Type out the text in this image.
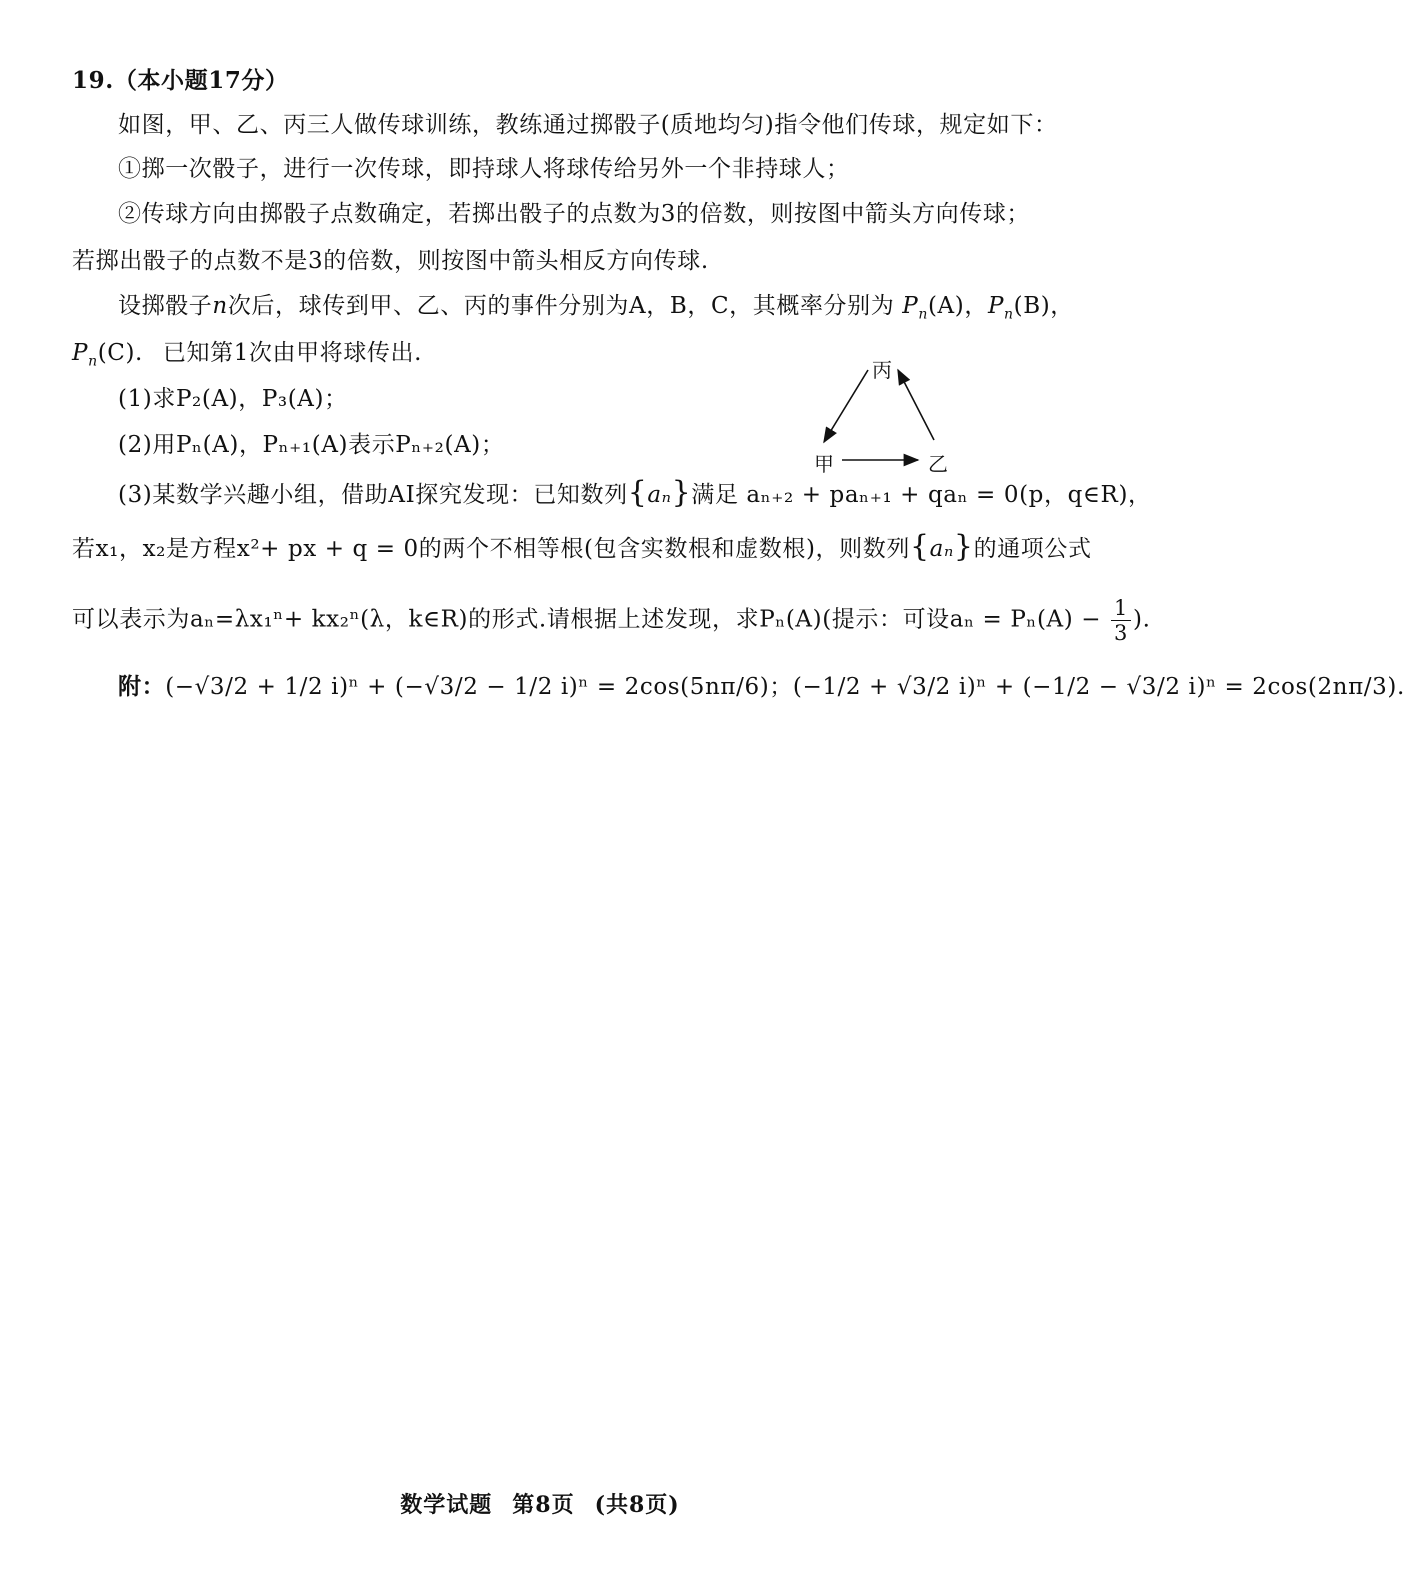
19.（本小题17分）
如图，甲、乙、丙三人做传球训练，教练通过掷骰子(质地均匀)指令他们传球，规定如下：
①掷一次骰子，进行一次传球，即持球人将球传给另外一个非持球人；
②传球方向由掷骰子点数确定，若掷出骰子的点数为3的倍数，则按图中箭头方向传球；
若掷出骰子的点数不是3的倍数，则按图中箭头相反方向传球.
设掷骰子n次后，球传到甲、乙、丙的事件分别为A，B，C，其概率分别为 $P_n(A)$，$P_n(B)$，
$P_n(C)$. 已知第1次由甲将球传出.
(1)求P₂(A)，P₃(A)；
(2)用Pₙ(A)，Pₙ₊₁(A)表示Pₙ₊₂(A)；
丙
甲	乙
(3)某数学兴趣小组，借助AI探究发现：已知数列{aₙ}满足 aₙ₊₂ + paₙ₊₁ + qaₙ = 0(p，q∈R)，
若x₁，x₂是方程x²+ px + q = 0的两个不相等根(包含实数根和虚数根)，则数列{aₙ}的通项公式
可以表示为aₙ=λx₁ⁿ+ kx₂ⁿ(λ，k∈R)的形式.请根据上述发现，求Pₙ(A)(提示：可设$a_n = P_n(A) - \frac{1}{3}$ ).
附：(−√3/2 + 1/2 i)ⁿ + (−√3/2 − 1/2 i)ⁿ = 2cos(5nπ/6)；(−1/2 + √3/2 i)ⁿ + (−1/2 − √3/2 i)ⁿ = 2cos(2nπ/3).
数学试题 第8页 (共8页)
